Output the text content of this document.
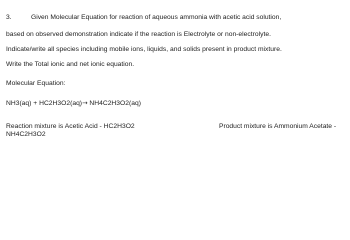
3.	Given Molecular Equation for reaction of aqueous ammonia with acetic acid solution,
based on observed demonstration indicate if the reaction is Electrolyte or non-electrolyte.
Indicate/write all species including mobile ions, liquids, and solids present in product mixture.
Write the Total ionic and net ionic equation.
Molecular Equation:
NH3(aq) + HC2H3O2(aq)→ NH4C2H3O2(aq)
Reaction mixture is Acetic Acid - HC2H3O2	Product mixture is Ammonium Acetate -
NH4C2H3O2
